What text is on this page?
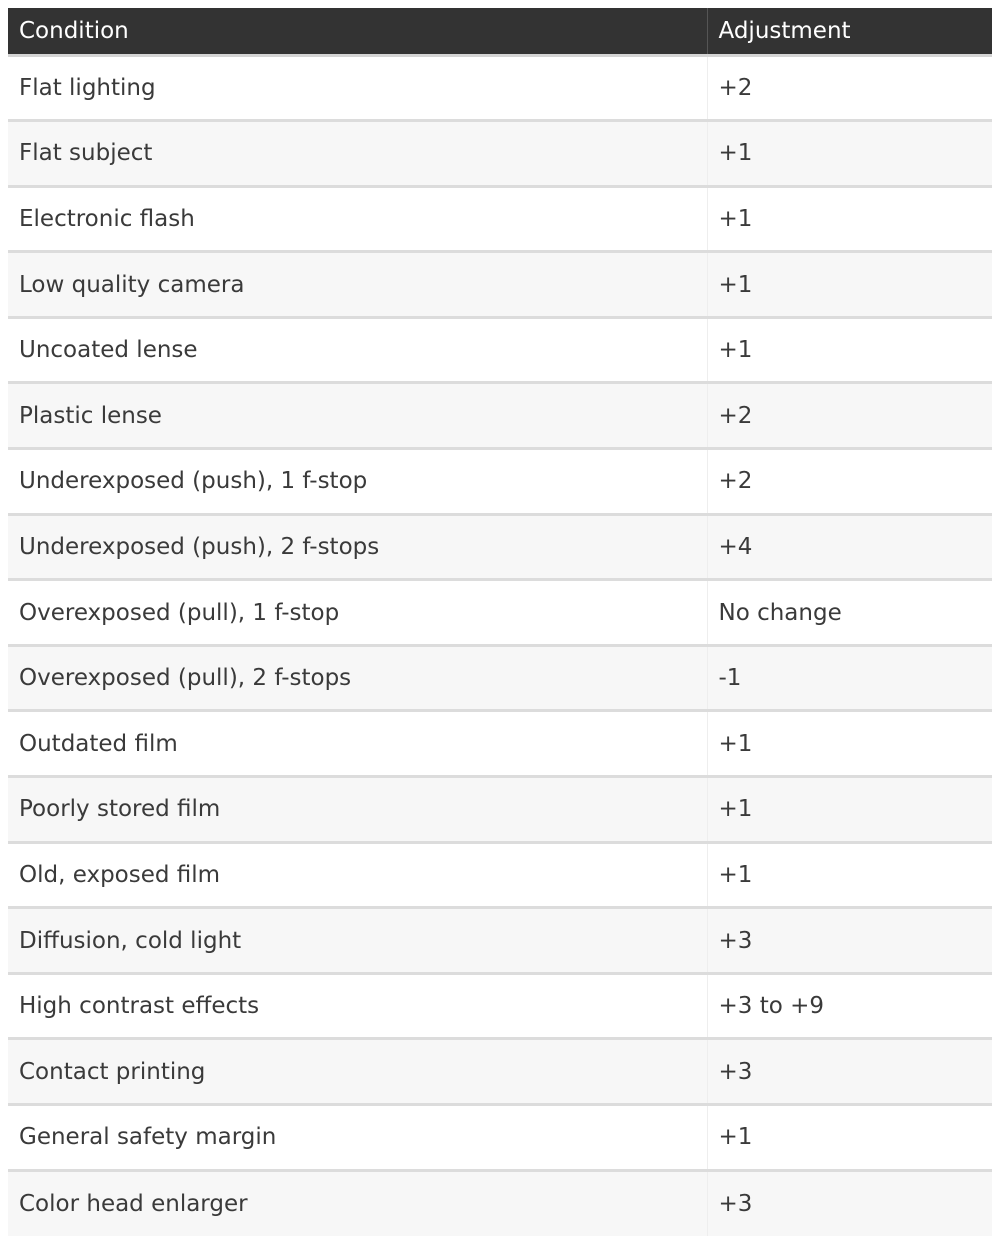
Condition	Adjustment
Flat lighting	+2
Flat subject	+1
Electronic flash	+1
Low quality camera	+1
Uncoated lense	+1
Plastic lense	+2
Underexposed (push), 1 f-stop	+2
Underexposed (push), 2 f-stops	+4
Overexposed (pull), 1 f-stop	No change
Overexposed (pull), 2 f-stops	-1
Outdated film	+1
Poorly stored film	+1
Old, exposed film	+1
Diffusion, cold light	+3
High contrast effects	+3 to +9
Contact printing	+3
General safety margin	+1
Color head enlarger	+3
